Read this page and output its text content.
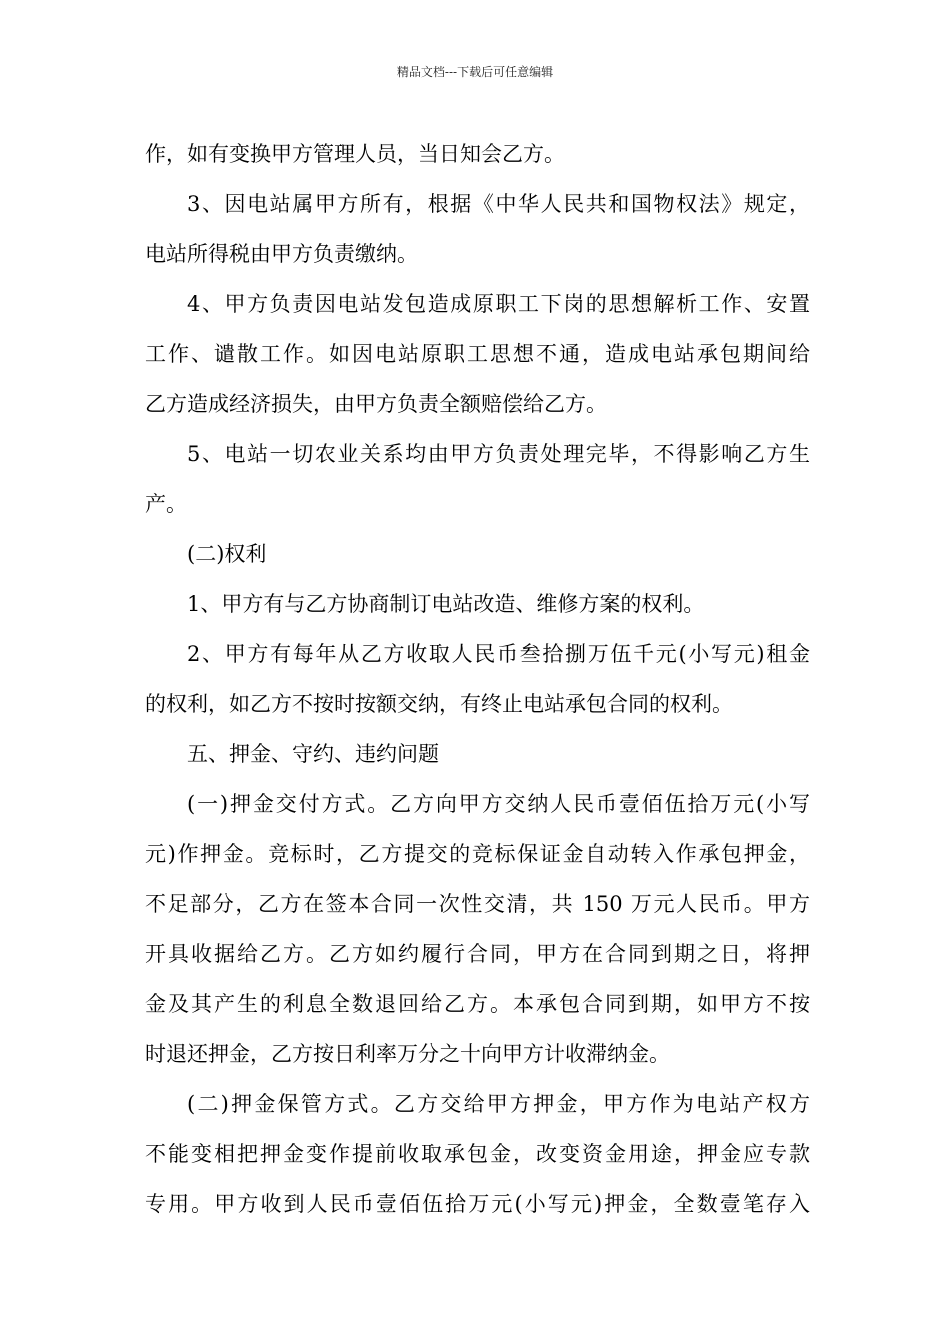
精品文档---下载后可任意编辑
作，如有变换甲方管理人员，当日知会乙方。
3、因电站属甲方所有，根据《中华人民共和国物权法》规定，
电站所得税由甲方负责缴纳。
4、甲方负责因电站发包造成原职工下岗的思想解析工作、安置
工作、谴散工作。如因电站原职工思想不通，造成电站承包期间给
乙方造成经济损失，由甲方负责全额赔偿给乙方。
5、电站一切农业关系均由甲方负责处理完毕，不得影响乙方生
产。
(二)权利
1、甲方有与乙方协商制订电站改造、维修方案的权利。
2、甲方有每年从乙方收取人民币叁拾捌万伍千元(小写元)租金
的权利，如乙方不按时按额交纳，有终止电站承包合同的权利。
五、押金、守约、违约问题
(一)押金交付方式。乙方向甲方交纳人民币壹佰伍拾万元(小写
元)作押金。竞标时，乙方提交的竞标保证金自动转入作承包押金，
不足部分，乙方在签本合同一次性交清，共 150 万元人民币。甲方
开具收据给乙方。乙方如约履行合同，甲方在合同到期之日，将押
金及其产生的利息全数退回给乙方。本承包合同到期，如甲方不按
时退还押金，乙方按日利率万分之十向甲方计收滞纳金。
(二)押金保管方式。乙方交给甲方押金，甲方作为电站产权方
不能变相把押金变作提前收取承包金，改变资金用途，押金应专款
专用。甲方收到人民币壹佰伍拾万元(小写元)押金，全数壹笔存入
